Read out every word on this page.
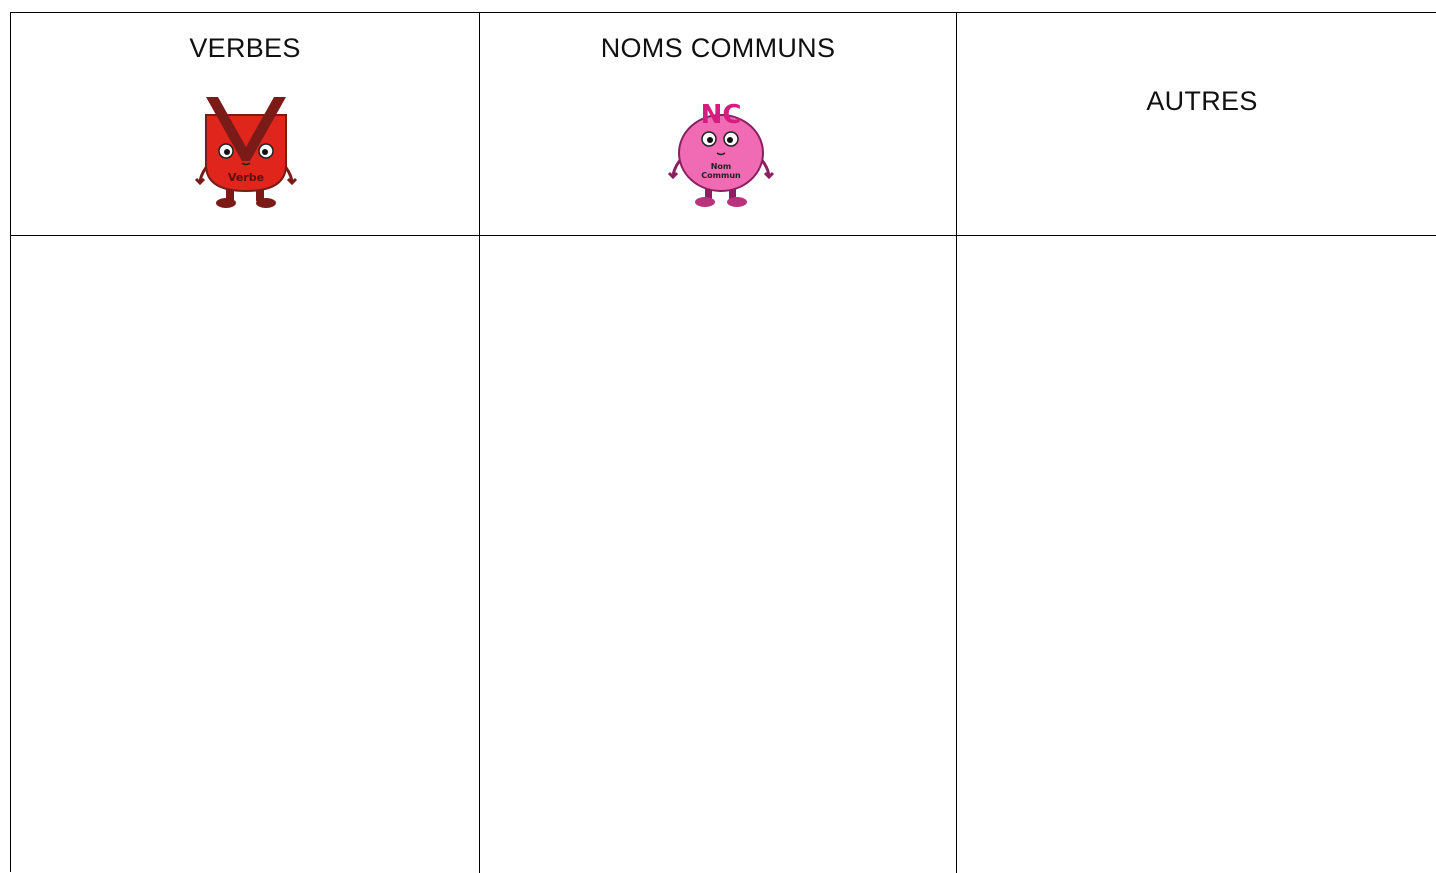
VERBES	NOMS COMMUNS
AUTRES
Verbe
NC
Nom
Commun
